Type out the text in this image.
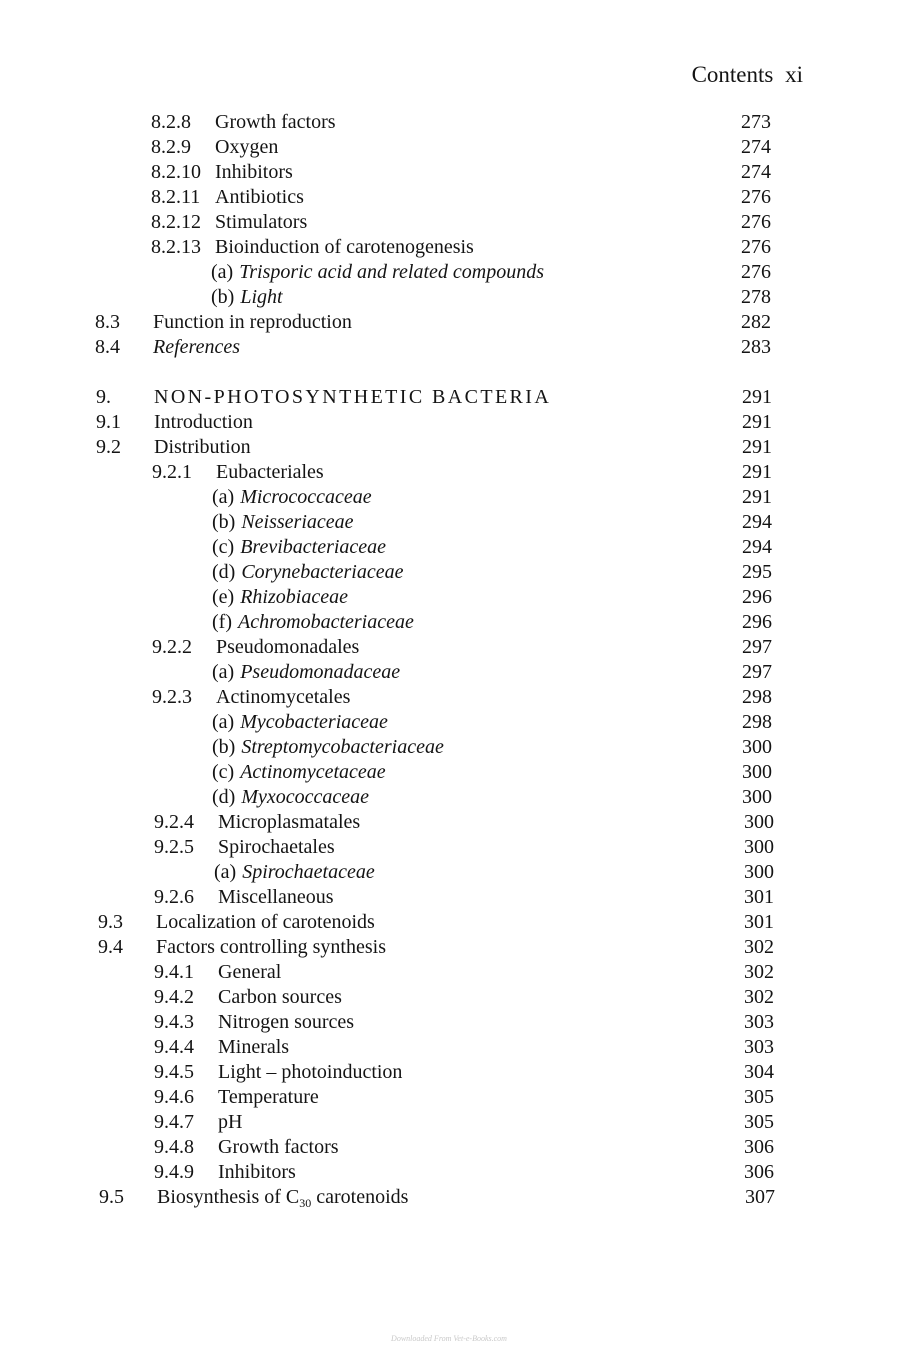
Contents xi
8.2.8 Growth factors	273
8.2.9 Oxygen	274
8.2.10 Inhibitors	274
8.2.11 Antibiotics	276
8.2.12 Stimulators	276
8.2.13 Bioinduction of carotenogenesis	276
(a) Trisporic acid and related compounds	276
(b) Light	278
8.3 Function in reproduction	282
8.4 References	283
9. NON-PHOTOSYNTHETIC BACTERIA	291
9.1 Introduction	291
9.2 Distribution	291
9.2.1 Eubacteriales	291
(a) Micrococcaceae	291
(b) Neisseriaceae	294
(c) Brevibacteriaceae	294
(d) Corynebacteriaceae	295
(e) Rhizobiaceae	296
(f) Achromobacteriaceae	296
9.2.2 Pseudomonadales	297
(a) Pseudomonadaceae	297
9.2.3 Actinomycetales	298
(a) Mycobacteriaceae	298
(b) Streptomycobacteriaceae	300
(c) Actinomycetaceae	300
(d) Myxococcaceae	300
9.2.4 Microplasmatales	300
9.2.5 Spirochaetales	300
(a) Spirochaetaceae	300
9.2.6 Miscellaneous	301
9.3 Localization of carotenoids	301
9.4 Factors controlling synthesis	302
9.4.1 General	302
9.4.2 Carbon sources	302
9.4.3 Nitrogen sources	303
9.4.4 Minerals	303
9.4.5 Light – photoinduction	304
9.4.6 Temperature	305
9.4.7 pH	305
9.4.8 Growth factors	306
9.4.9 Inhibitors	306
9.5 Biosynthesis of $C_{30}$ carotenoids	307
Downloaded From Vet-e-Books.com
